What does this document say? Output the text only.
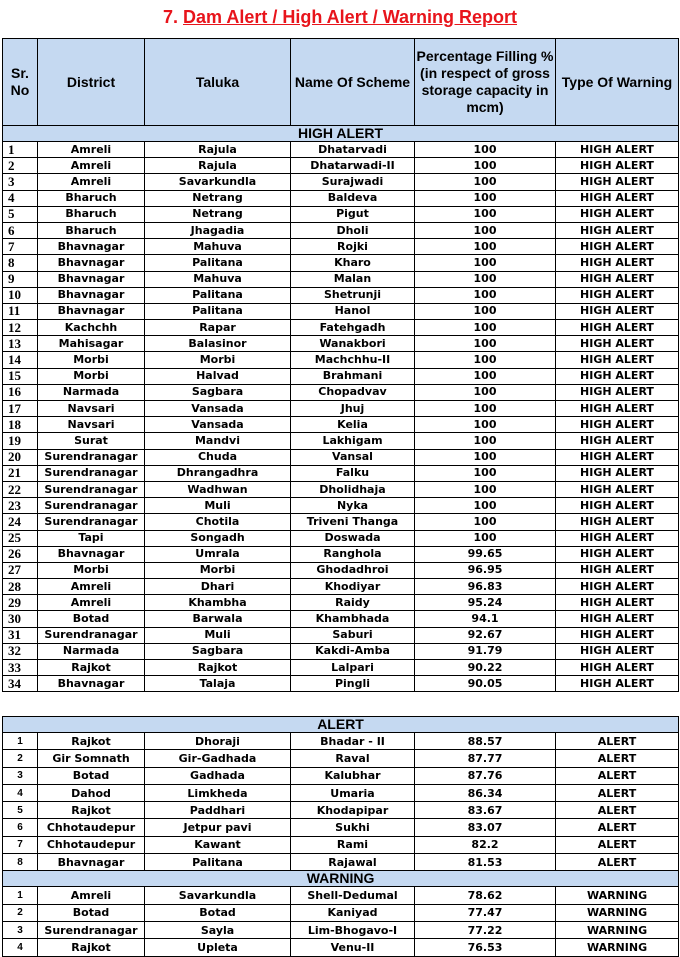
7. Dam Alert / High Alert / Warning Report
Sr. No	District	Taluka	Name Of Scheme	Percentage Filling % (in respect of gross storage capacity in mcm)	Type Of Warning
HIGH ALERT					
1	Amreli	Rajula	Dhatarvadi	100	HIGH ALERT
2	Amreli	Rajula	Dhatarwadi-II	100	HIGH ALERT
3	Amreli	Savarkundla	Surajwadi	100	HIGH ALERT
4	Bharuch	Netrang	Baldeva	100	HIGH ALERT
5	Bharuch	Netrang	Pigut	100	HIGH ALERT
6	Bharuch	Jhagadia	Dholi	100	HIGH ALERT
7	Bhavnagar	Mahuva	Rojki	100	HIGH ALERT
8	Bhavnagar	Palitana	Kharo	100	HIGH ALERT
9	Bhavnagar	Mahuva	Malan	100	HIGH ALERT
10	Bhavnagar	Palitana	Shetrunji	100	HIGH ALERT
11	Bhavnagar	Palitana	Hanol	100	HIGH ALERT
12	Kachchh	Rapar	Fatehgadh	100	HIGH ALERT
13	Mahisagar	Balasinor	Wanakbori	100	HIGH ALERT
14	Morbi	Morbi	Machchhu-II	100	HIGH ALERT
15	Morbi	Halvad	Brahmani	100	HIGH ALERT
16	Narmada	Sagbara	Chopadvav	100	HIGH ALERT
17	Navsari	Vansada	Jhuj	100	HIGH ALERT
18	Navsari	Vansada	Kelia	100	HIGH ALERT
19	Surat	Mandvi	Lakhigam	100	HIGH ALERT
20	Surendranagar	Chuda	Vansal	100	HIGH ALERT
21	Surendranagar	Dhrangadhra	Falku	100	HIGH ALERT
22	Surendranagar	Wadhwan	Dholidhaja	100	HIGH ALERT
23	Surendranagar	Muli	Nyka	100	HIGH ALERT
24	Surendranagar	Chotila	Triveni Thanga	100	HIGH ALERT
25	Tapi	Songadh	Doswada	100	HIGH ALERT
26	Bhavnagar	Umrala	Ranghola	99.65	HIGH ALERT
27	Morbi	Morbi	Ghodadhroi	96.95	HIGH ALERT
28	Amreli	Dhari	Khodiyar	96.83	HIGH ALERT
29	Amreli	Khambha	Raidy	95.24	HIGH ALERT
30	Botad	Barwala	Khambhada	94.1	HIGH ALERT
31	Surendranagar	Muli	Saburi	92.67	HIGH ALERT
32	Narmada	Sagbara	Kakdi-Amba	91.79	HIGH ALERT
33	Rajkot	Rajkot	Lalpari	90.22	HIGH ALERT
34	Bhavnagar	Talaja	Pingli	90.05	HIGH ALERT
ALERT					
1	Rajkot	Dhoraji	Bhadar - II	88.57	ALERT
2	Gir Somnath	Gir-Gadhada	Raval	87.77	ALERT
3	Botad	Gadhada	Kalubhar	87.76	ALERT
4	Dahod	Limkheda	Umaria	86.34	ALERT
5	Rajkot	Paddhari	Khodapipar	83.67	ALERT
6	Chhotaudepur	Jetpur pavi	Sukhi	83.07	ALERT
7	Chhotaudepur	Kawant	Rami	82.2	ALERT
8	Bhavnagar	Palitana	Rajawal	81.53	ALERT
WARNING					
1	Amreli	Savarkundla	Shell-Dedumal	78.62	WARNING
2	Botad	Botad	Kaniyad	77.47	WARNING
3	Surendranagar	Sayla	Lim-Bhogavo-I	77.22	WARNING
4	Rajkot	Upleta	Venu-II	76.53	WARNING
